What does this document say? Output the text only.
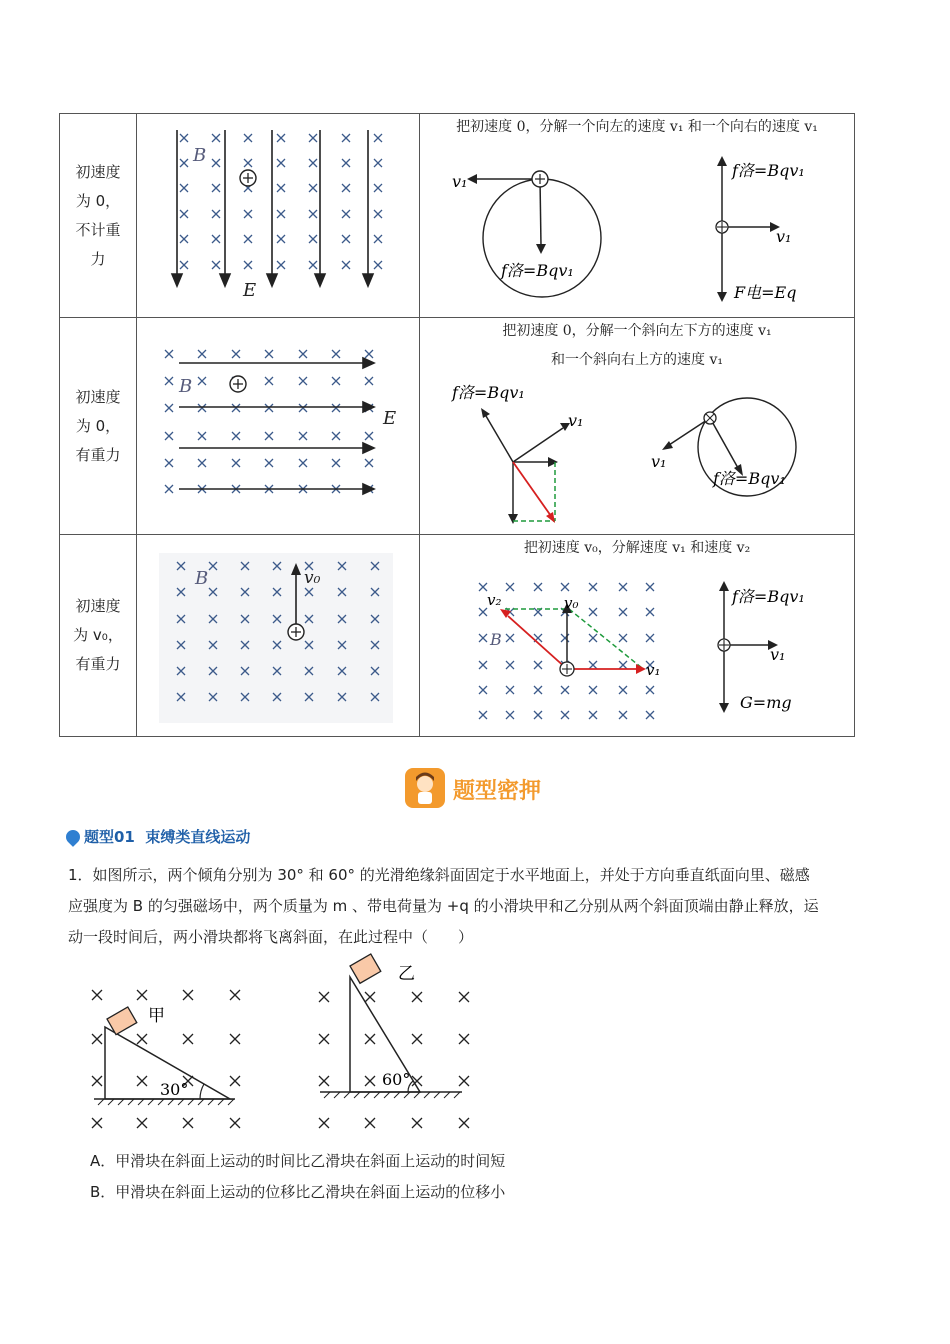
初速度
为 0，
不计重
力
B
E
把初速度 0，分解一个向左的速度 v₁ 和一个向右的速度 v₁
v₁
f洛=Bqv₁
f洛=Bqv₁
v₁
F电=Eq
初速度
为 0，
有重力
B
E
把初速度 0，分解一个斜向左下方的速度 v₁
和一个斜向右上方的速度 v₁
f洛=Bqv₁
v₁
v₁
f洛=Bqv₁
初速度
为 v₀，
有重力
B	v₀
把初速度 v₀，分解速度 v₁ 和速度 v₂
v₂	v₀
B
v₁
f洛=Bqv₁
v₁
G=mg
题型密押
题型01 束缚类直线运动
1．如图所示，两个倾角分别为 30° 和 60° 的光滑绝缘斜面固定于水平地面上，并处于方向垂直纸面向里、磁感
应强度为 B 的匀强磁场中，两个质量为 m 、带电荷量为 +q 的小滑块甲和乙分别从两个斜面顶端由静止释放，运
动一段时间后，两小滑块都将飞离斜面，在此过程中（　　）
甲
30°
乙
60°
A．甲滑块在斜面上运动的时间比乙滑块在斜面上运动的时间短
B．甲滑块在斜面上运动的位移比乙滑块在斜面上运动的位移小
